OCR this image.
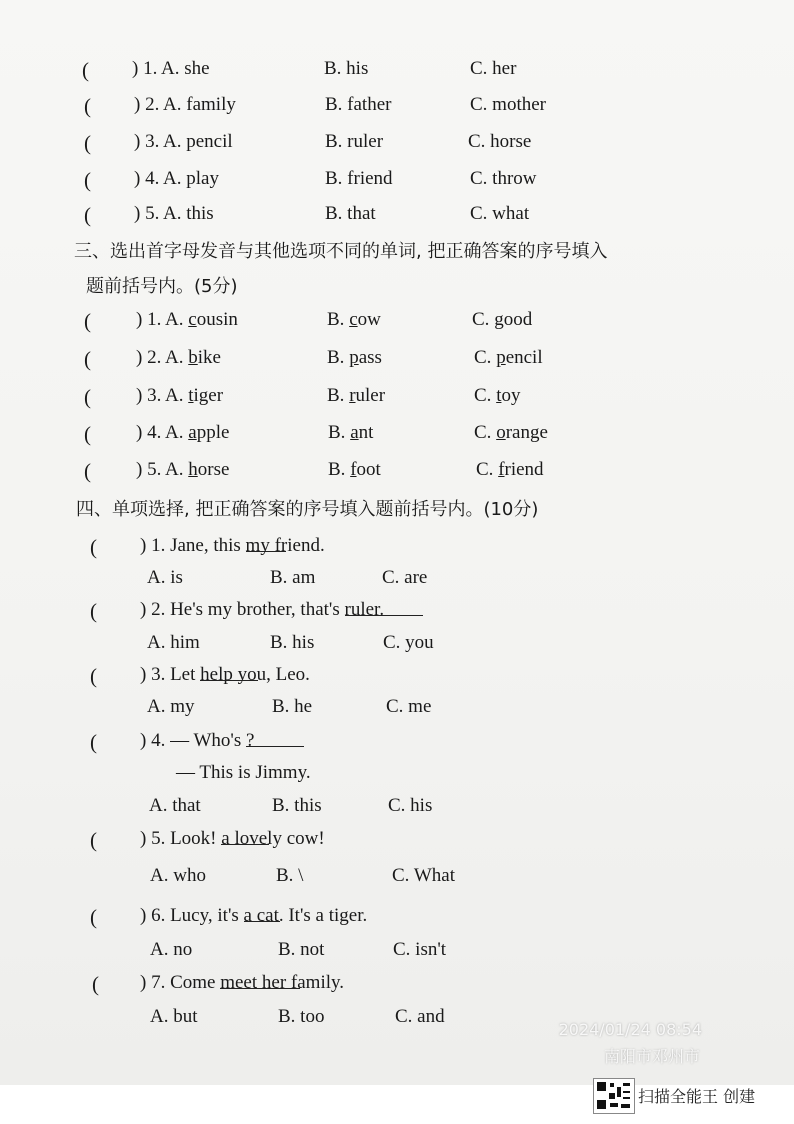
( ) 1. A. she	B. his	C. her
( ) 2. A. family	B. father	C. mother
( ) 3. A. pencil	B. ruler	C. horse
( ) 4. A. play	B. friend	C. throw
( ) 5. A. this	B. that	C. what
三、选出首字母发音与其他选项不同的单词, 把正确答案的序号填入
题前括号内。(5分)
( ) 1. A. cousin	B. cow	C. good
( ) 2. A. bike	B. pass	C. pencil
( ) 3. A. tiger	B. ruler	C. toy
( ) 4. A. apple	B. ant	C. orange
( ) 5. A. horse	B. foot	C. friend
四、单项选择, 把正确答案的序号填入题前括号内。(10分)
( ) 1. Jane, this my friend.
A. is	B. am	C. are
( ) 2. He's my brother, that's ruler.
A. him	B. his	C. you
( ) 3. Let help you, Leo.
A. my	B. he	C. me
( ) 4. — Who's ?
— This is Jimmy.
A. that	B. this	C. his
( ) 5. Look! a lovely cow!
A. who	B. \	C. What
( ) 6. Lucy, it's a cat. It's a tiger.
A. no	B. not	C. isn't
( ) 7. Come meet her family.
A. but	B. too	C. and
2024/01/24 08:54
南阳市邓州市
扫描全能王 创建
